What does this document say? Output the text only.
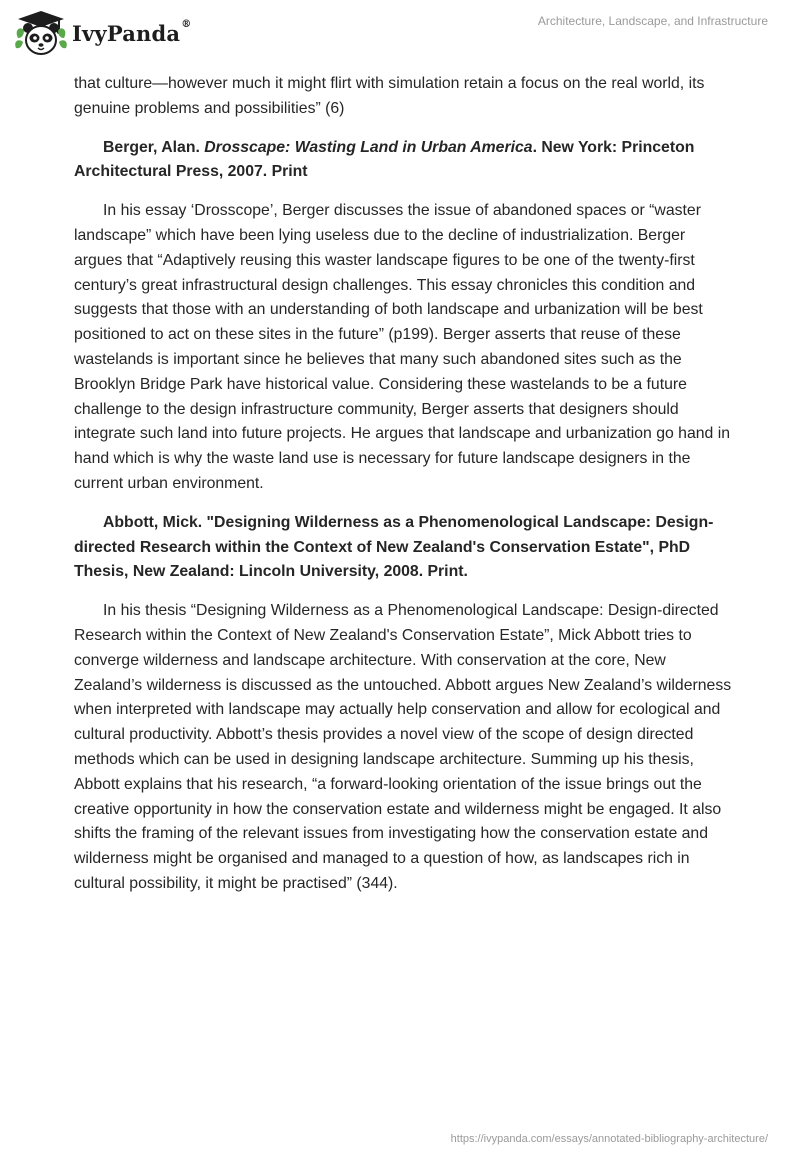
IvyPanda®	Architecture, Landscape, and Infrastructure

that culture—however much it might flirt with simulation retain a focus on the real world, its genuine problems and possibilities” (6)

Berger, Alan. Drosscape: Wasting Land in Urban America. New York: Princeton Architectural Press, 2007. Print

In his essay ‘Drosscope’, Berger discusses the issue of abandoned spaces or “waster landscape” which have been lying useless due to the decline of industrialization. Berger argues that “Adaptively reusing this waster landscape figures to be one of the twenty-first century’s great infrastructural design challenges. This essay chronicles this condition and suggests that those with an understanding of both landscape and urbanization will be best positioned to act on these sites in the future” (p199). Berger asserts that reuse of these wastelands is important since he believes that many such abandoned sites such as the Brooklyn Bridge Park have historical value. Considering these wastelands to be a future challenge to the design infrastructure community, Berger asserts that designers should integrate such land into future projects. He argues that landscape and urbanization go hand in hand which is why the waste land use is necessary for future landscape designers in the current urban environment.

Abbott, Mick. "Designing Wilderness as a Phenomenological Landscape: Design-directed Research within the Context of New Zealand's Conservation Estate", PhD Thesis, New Zealand: Lincoln University, 2008. Print.

In his thesis “Designing Wilderness as a Phenomenological Landscape: Design-directed Research within the Context of New Zealand's Conservation Estate”, Mick Abbott tries to converge wilderness and landscape architecture. With conservation at the core, New Zealand’s wilderness is discussed as the untouched. Abbott argues New Zealand’s wilderness when interpreted with landscape may actually help conservation and allow for ecological and cultural productivity. Abbott’s thesis provides a novel view of the scope of design directed methods which can be used in designing landscape architecture. Summing up his thesis, Abbott explains that his research, “a forward-looking orientation of the issue brings out the creative opportunity in how the conservation estate and wilderness might be engaged. It also shifts the framing of the relevant issues from investigating how the conservation estate and wilderness might be organised and managed to a question of how, as landscapes rich in cultural possibility, it might be practised” (344).

https://ivypanda.com/essays/annotated-bibliography-architecture/
